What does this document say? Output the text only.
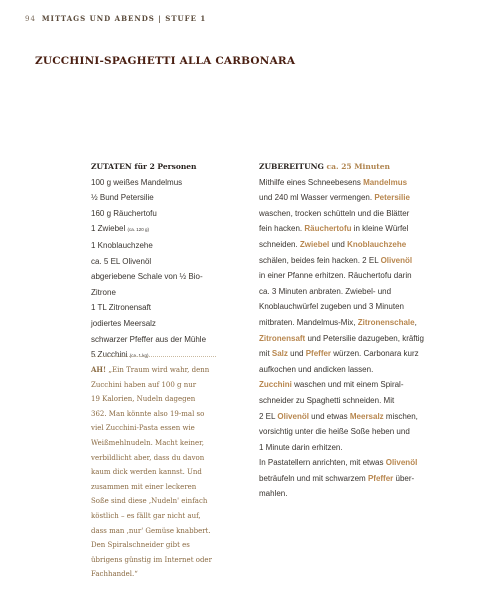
94 MITTAGS UND ABENDS | STUFE 1
ZUCCHINI-SPAGHETTI ALLA CARBONARA
ZUTATEN für 2 Personen
100 g weißes Mandelmus
½ Bund Petersilie
160 g Räuchertofu
1 Zwiebel (ca. 120 g)
1 Knoblauchzehe
ca. 5 EL Olivenöl
abgeriebene Schale von ½ Bio-
Zitrone
1 TL Zitronensaft
jodiertes Meersalz
schwarzer Pfeffer aus der Mühle
5 Zucchini (ca. 1 kg)
ZUBEREITUNG ca. 25 Minuten
Mithilfe eines Schneebesens Mandelmus
und 240 ml Wasser vermengen. Petersilie
waschen, trocken schütteln und die Blätter
fein hacken. Räuchertofu in kleine Würfel
schneiden. Zwiebel und Knoblauchzehe
schälen, beides fein hacken. 2 EL Olivenöl
in einer Pfanne erhitzen. Räuchertofu darin
ca. 3 Minuten anbraten. Zwiebel- und
Knoblauchwürfel zugeben und 3 Minuten
mitbraten. Mandelmus-Mix, Zitronenschale,
Zitronensaft und Petersilie dazugeben, kräftig
mit Salz und Pfeffer würzen. Carbonara kurz
aufkochen und andicken lassen.
Zucchini waschen und mit einem Spiral-
schneider zu Spaghetti schneiden. Mit
2 EL Olivenöl und etwas Meersalz mischen,
vorsichtig unter die heiße Soße heben und
1 Minute darin erhitzen.
In Pastatellern anrichten, mit etwas Olivenöl
beträufeln und mit schwarzem Pfeffer über-
mahlen.
AH! „Ein Traum wird wahr, denn
Zucchini haben auf 100 g nur
19 Kalorien, Nudeln dagegen
362. Man könnte also 19-mal so
viel Zucchini-Pasta essen wie
Weißmehlnudeln. Macht keiner,
verbildlicht aber, dass du davon
kaum dick werden kannst. Und
zusammen mit einer leckeren
Soße sind diese ‚Nudeln' einfach
köstlich – es fällt gar nicht auf,
dass man ‚nur' Gemüse knabbert.
Den Spiralschneider gibt es
übrigens günstig im Internet oder
Fachhandel.“
